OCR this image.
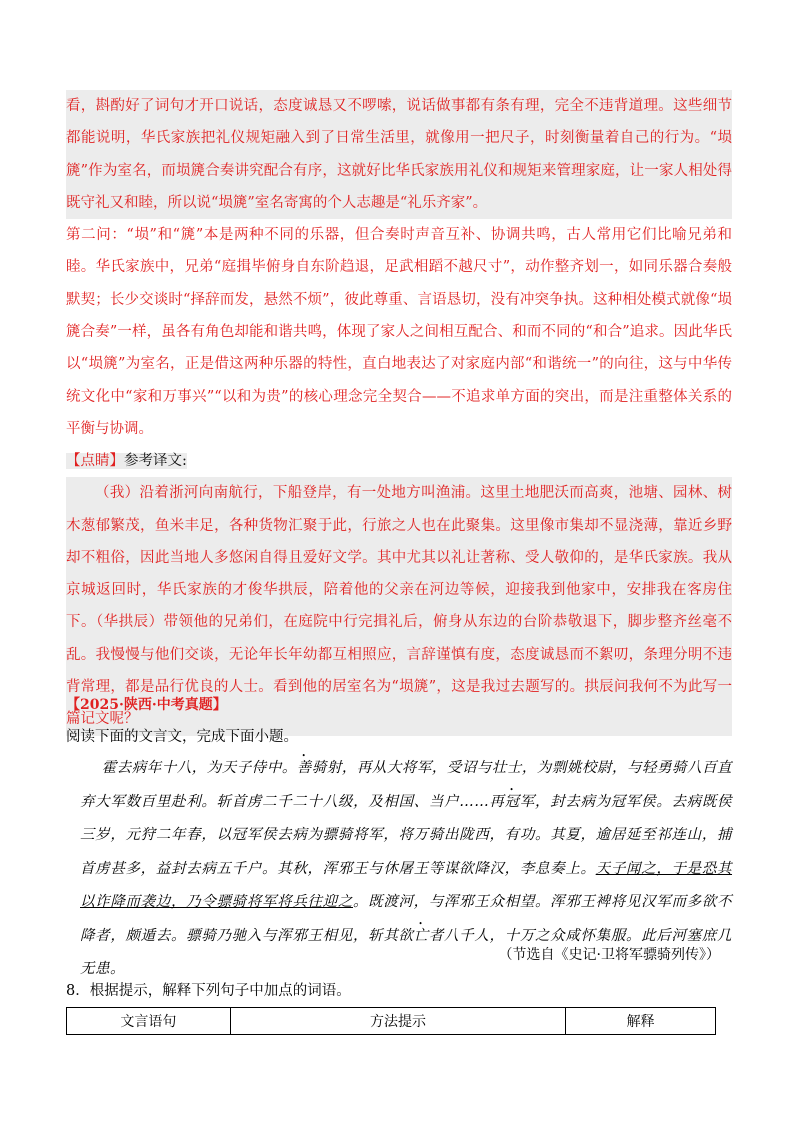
看，斟酌好了词句才开口说话，态度诚恳又不啰嗦，说话做事都有条有理，完全不违背道理。这些细节都能说明，华氏家族把礼仪规矩融入到了日常生活里，就像用一把尺子，时刻衡量着自己的行为。“埙篪”作为室名，而埙篪合奏讲究配合有序，这就好比华氏家族用礼仪和规矩来管理家庭，让一家人相处得既守礼又和睦，所以说“埙篪”室名寄寓的个人志趣是“礼乐齐家”。

第二问：“埙”和“篪”本是两种不同的乐器，但合奏时声音互补、协调共鸣，古人常用它们比喻兄弟和睦。华氏家族中，兄弟“庭揖毕俯身自东阶趋退，足武相蹈不越尺寸”，动作整齐划一，如同乐器合奏般默契；长少交谈时“择辞而发，悬然不烦”，彼此尊重、言语恳切，没有冲突争执。这种相处模式就像“埙篪合奏”一样，虽各有角色却能和谐共鸣，体现了家人之间相互配合、和而不同的“和合”追求。因此华氏以“埙篪”为室名，正是借这两种乐器的特性，直白地表达了对家庭内部“和谐统一”的向往，这与中华传统文化中“家和万事兴”“以和为贵”的核心理念完全契合——不追求单方面的突出，而是注重整体关系的平衡与协调。

【点睛】参考译文:

（我）沿着浙河向南航行，下船登岸，有一处地方叫渔浦。这里土地肥沃而高爽，池塘、园林、树木葱郁繁茂，鱼米丰足，各种货物汇聚于此，行旅之人也在此聚集。这里像市集却不显浇薄，靠近乡野却不粗俗，因此当地人多悠闲自得且爱好文学。其中尤其以礼让著称、受人敬仰的，是华氏家族。我从京城返回时，华氏家族的才俊华拱辰，陪着他的父亲在河边等候，迎接我到他家中，安排我在客房住下。（华拱辰）带领他的兄弟们，在庭院中行完揖礼后，俯身从东边的台阶恭敬退下，脚步整齐丝毫不乱。我慢慢与他们交谈，无论年长年幼都互相照应，言辞谨慎有度，态度诚恳而不絮叨，条理分明不违背常理，都是品行优良的人士。看到他的居室名为“埙篪”，这是我过去题写的。拱辰问我何不为此写一篇记文呢？

【2025·陕西·中考真题】
阅读下面的文言文，完成下面小题。
霍去病年十八，为天子侍中。善骑射，再从大将军，受诏与壮士，为剽姚校尉，与轻勇骑八百直弃大军数百里赴利。斩首虏二千二十八级，及相国、当户……再冠军，封去病为冠军侯。去病既侯三岁，元狩二年春，以冠军侯去病为骠骑将军，将万骑出陇西，有功。其夏，逾居延至祁连山，捕首虏甚多，益封去病五千户。其秋，浑邪王与休屠王等谋欲降汉，李息奏上。天子闻之，于是恐其以诈降而袭边，乃令骠骑将军将兵往迎之。既渡河，与浑邪王众相望。浑邪王裨将见汉军而多欲不降者，颇遁去。骠骑乃驰入与浑邪王相见，斩其欲亡者八千人，十万之众咸怀集服。此后河塞庶几无患。
（节选自《史记·卫将军骠骑列传》）
8．根据提示，解释下列句子中加点的词语。
文言语句	方法提示	解释
